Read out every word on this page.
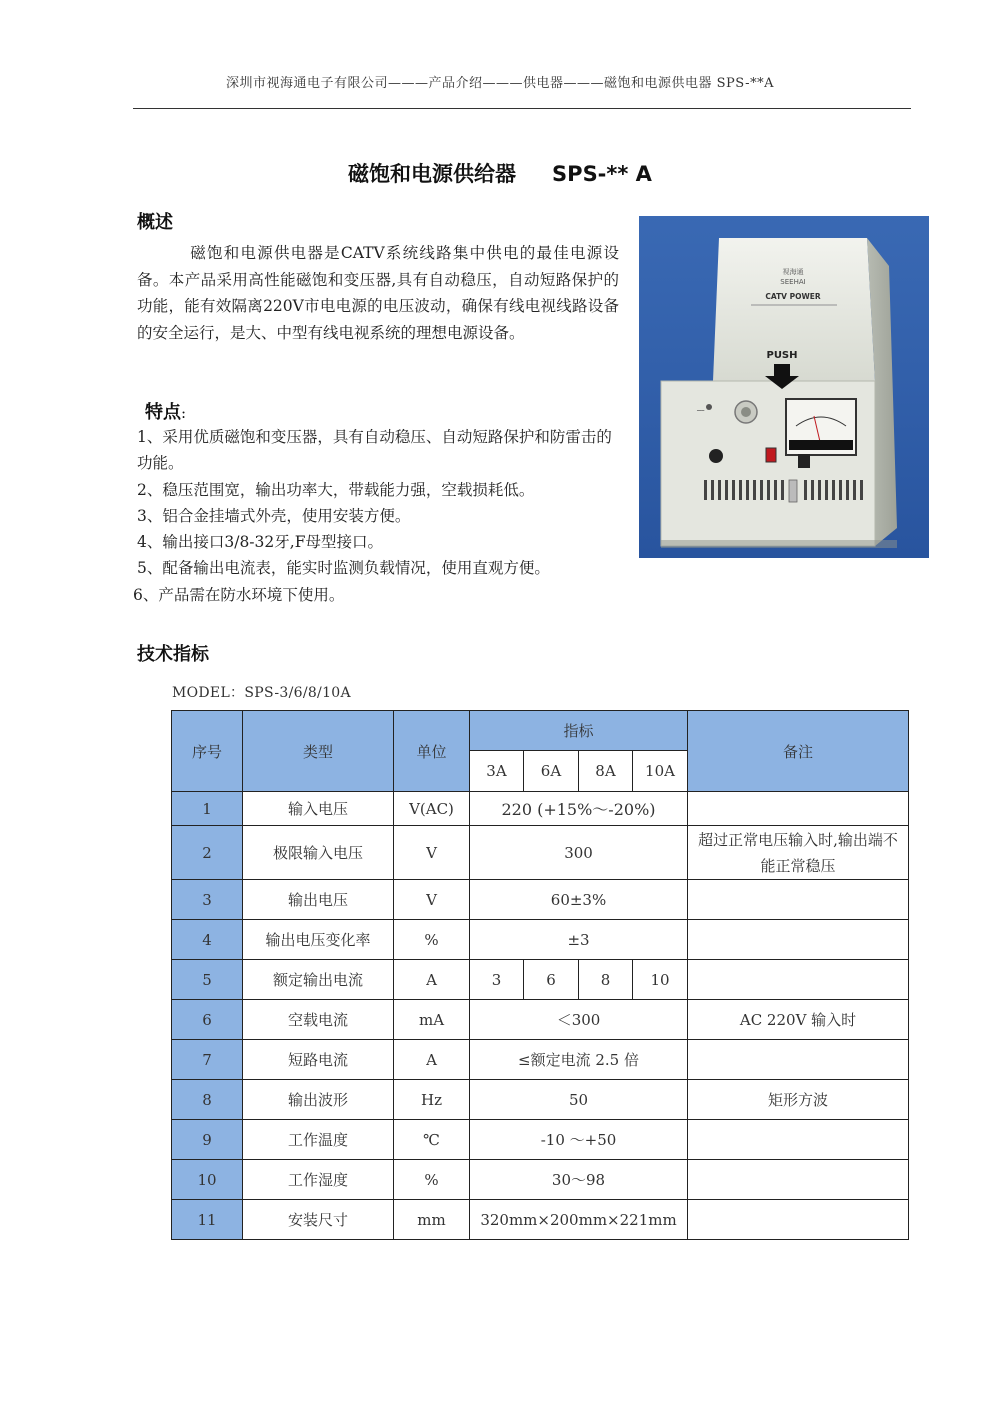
深圳市视海通电子有限公司———产品介绍———供电器———磁饱和电源供电器 SPS-**A
磁饱和电源供给器 SPS-** A
概述
磁饱和电源供电器是CATV系统线路集中供电的最佳电源设备。本产品采用高性能磁饱和变压器,具有自动稳压，自动短路保护的功能，能有效隔离220V市电电源的电压波动，确保有线电视线路设备的安全运行，是大、中型有线电视系统的理想电源设备。
特点:
1、采用优质磁饱和变压器，具有自动稳压、自动短路保护和防雷击的功能。
2、稳压范围宽，输出功率大，带载能力强，空载损耗低。
3、铝合金挂墙式外壳，使用安装方便。
4、输出接口3/8-32牙,F母型接口。
5、配备输出电流表，能实时监测负载情况，使用直观方便。
6、产品需在防水环境下使用。
视海通
SEEHAI
CATV POWER
PUSH
━━━
技术指标
MODEL：SPS-3/6/8/10A
序号	类型	单位	指标				备注
			3A	6A	8A	10A	
1	输入电压	V(AC)	220 (+15%～-20%)				
2	极限输入电压	V	300				超过正常电压输入时,输出端不能正常稳压
3	输出电压	V	60±3%				
4	输出电压变化率	%	±3				
5	额定输出电流	A	3	6	8	10	
6	空载电流	mA	＜300				AC 220V 输入时
7	短路电流	A	≤额定电流 2.5 倍				
8	输出波形	Hz	50				矩形方波
9	工作温度	℃	-10 ～+50				
10	工作湿度	%	30～98				
11	安装尺寸	mm	320mm×200mm×221mm				
